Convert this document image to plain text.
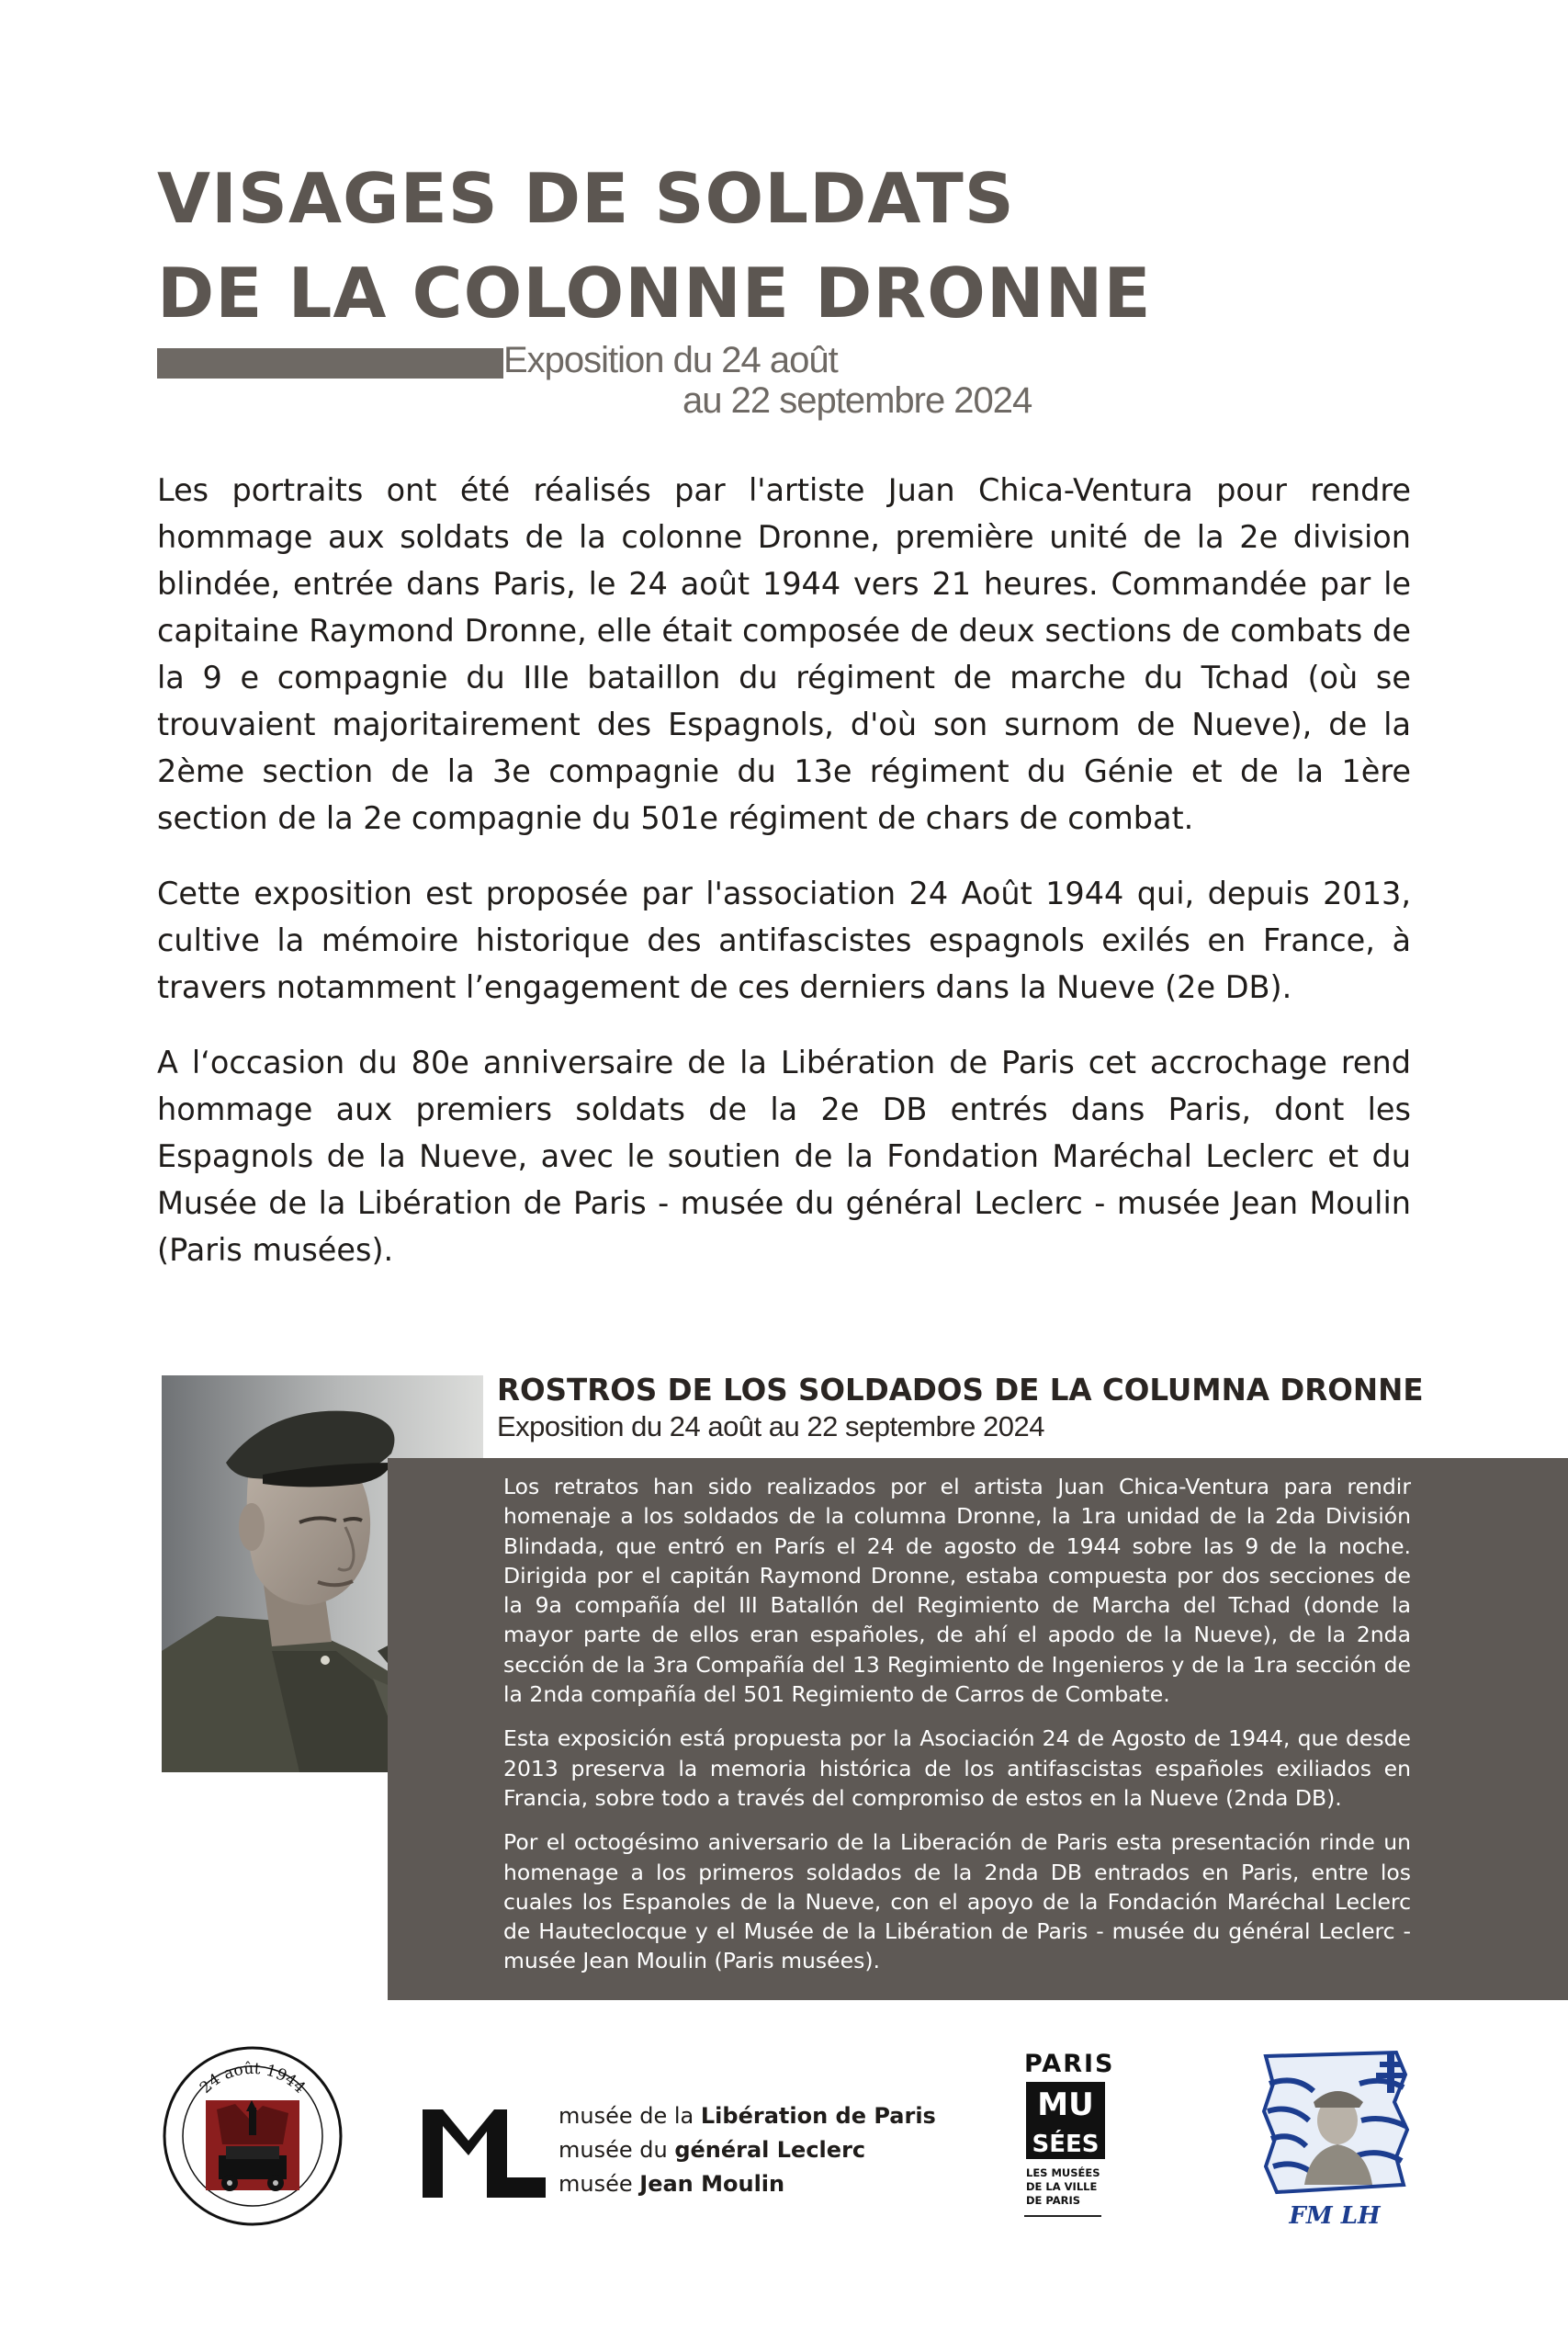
VISAGES DE SOLDATS
DE LA COLONNE DRONNE
Exposition du 24 août
au 22 septembre 2024

Les portraits ont été réalisés par l'artiste Juan Chica-Ventura pour rendre hommage aux soldats de la colonne Dronne, première unité de la 2e division blindée, entrée dans Paris, le 24 août 1944 vers 21 heures. Commandée par le capitaine Raymond Dronne, elle était composée de deux sections de combats de la 9 e compagnie du IIIe bataillon du régiment de marche du Tchad (où se trouvaient majoritairement des Espagnols, d'où son surnom de Nueve), de la 2ème section de la 3e compagnie du 13e régiment du Génie et de la 1ère section de la 2e compagnie du 501e régiment de chars de combat.

Cette exposition est proposée par l'association 24 Août 1944 qui, depuis 2013, cultive la mémoire historique des antifascistes espagnols exilés en France, à travers notamment l’engagement de ces derniers dans la Nueve (2e DB).

A l‘occasion du 80e anniversaire de la Libération de Paris cet accrochage rend hommage aux premiers soldats de la 2e DB entrés dans Paris, dont les Espagnols de la Nueve, avec le soutien de la Fondation Maréchal Leclerc et du Musée de la Libération de Paris - musée du général Leclerc - musée Jean Moulin (Paris musées).

ROSTROS DE LOS SOLDADOS DE LA COLUMNA DRONNE
Exposition du 24 août au 22 septembre 2024

Los retratos han sido realizados por el artista Juan Chica-Ventura para rendir homenaje a los soldados de la columna Dronne, la 1ra unidad de la 2da División Blindada, que entró en París el 24 de agosto de 1944 sobre las 9 de la noche. Dirigida por el capitán Raymond Dronne, estaba compuesta por dos secciones de la 9a compañía del III Batallón del Regimiento de Marcha del Tchad (donde la mayor parte de ellos eran españoles, de ahí el apodo de la Nueve), de la 2nda sección de la 3ra Compañía del 13 Regimiento de Ingenieros y de la 1ra sección de la 2nda compañía del 501 Regimiento de Carros de Combate.

Esta exposición está propuesta por la Asociación 24 de Agosto de 1944, que desde 2013 preserva la memoria histórica de los antifascistas españoles exiliados en Francia, sobre todo a través del compromiso de estos en la Nueve (2nda DB).

Por el octogésimo aniversario de la Liberación de Paris esta presentación rinde un homenage a los primeros soldados de la 2nda DB entrados en Paris, entre los cuales los Espanoles de la Nueve, con el apoyo de la Fondación Maréchal Leclerc de Hauteclocque y el Musée de la Libération de Paris - musée du général Leclerc - musée Jean Moulin (Paris musées).

24 août 1944
musée de la Libération de Paris
musée du général Leclerc
musée Jean Moulin
PARIS
MU
SÉES
LES MUSÉES
DE LA VILLE
DE PARIS
FM LH
